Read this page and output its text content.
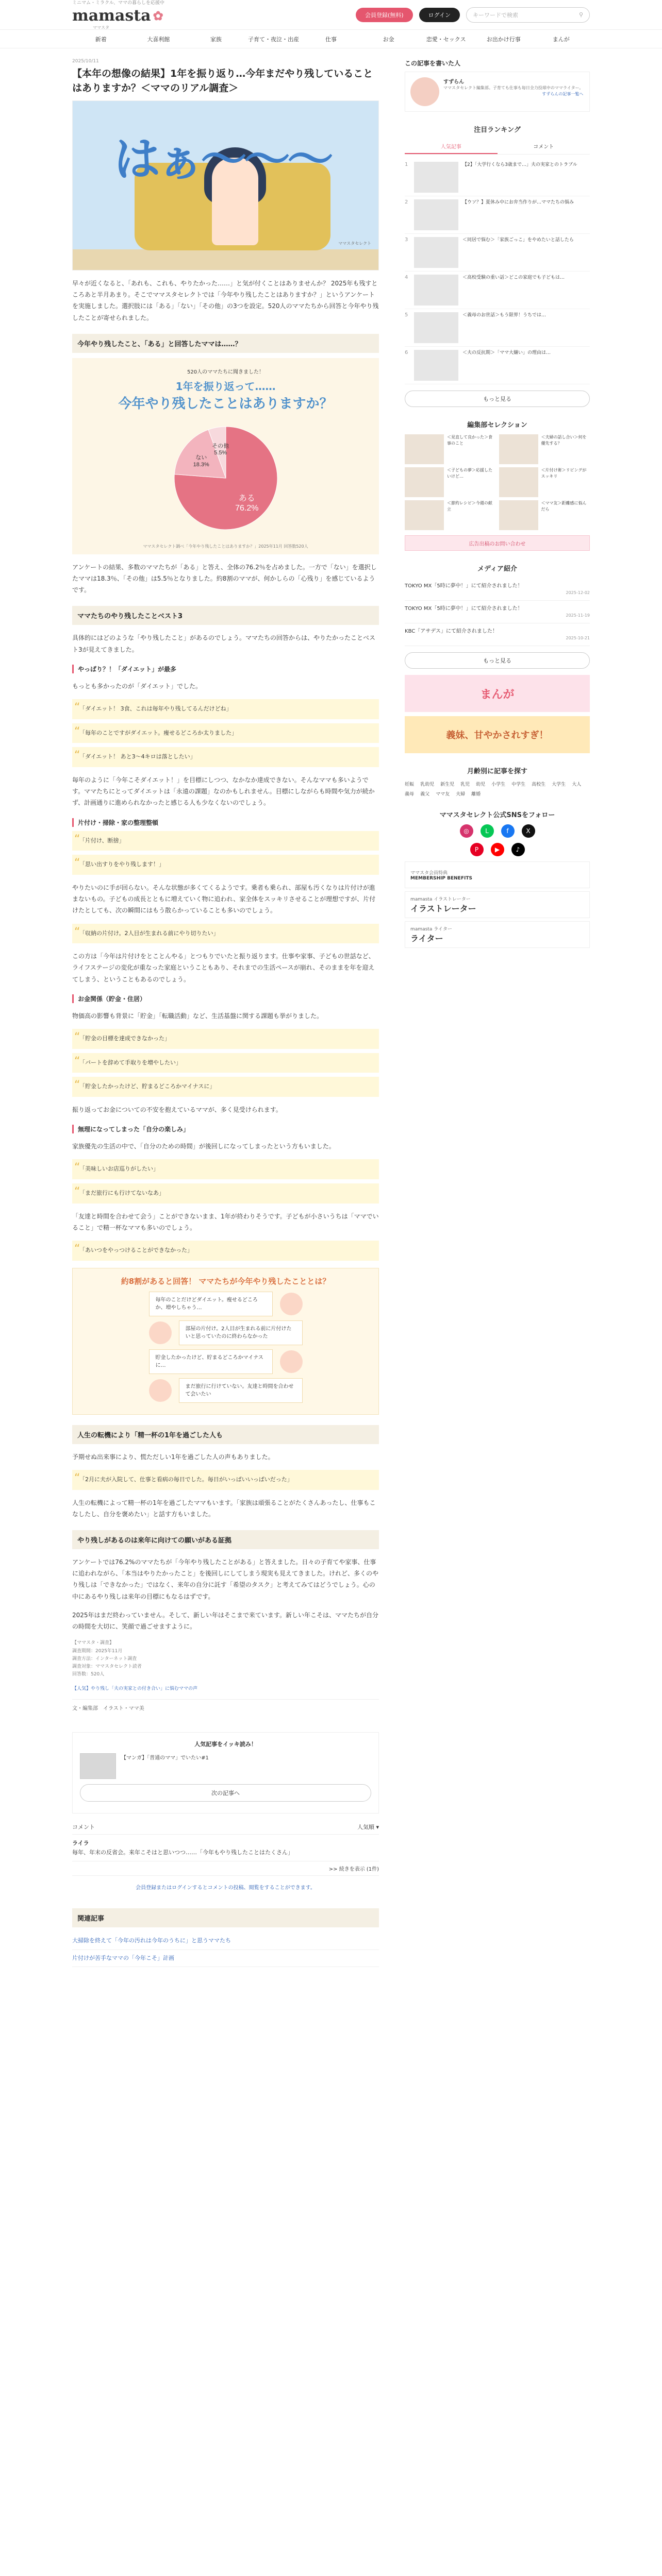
ミニマム・ミラクル、ママの暮らしを応援中
mamasta ✿
ママスタ
会員登録(無料)	ログイン	キーワードで検索	⚲
新着	大喜利館	家族	子育て・夜泣・出産	仕事	お金	恋愛・セックス	お出かけ行事	まんが
2025/10/11
【本年の想像の結果】1年を振り返り…今年まだやり残していることはありますか？＜ママのリアル調査＞
はぁ〜〜〜
ママスタセレクト

早々が近くなると、「あれも、これも、やりたかった……」と気が付くことはありませんか？ 2025年も残すところあと半月あまり。そこでママスタセレクトでは「今年やり残したことはありますか？」というアンケートを実施しました。選択肢には「ある」「ない」「その他」の3つを設定。520人のママたちから回答と今年やり残したことが寄せられました。

今年やり残したこと、「ある」と回答したママは……？
520人のママたちに聞きました！
1年を振り返って……
今年やり残したことはありますか？
ある 76.2%
ない 18.3%
その他 5.5%
ママスタセレクト調べ「今年やり残したことはありますか？」2025年11月 回答数520人

アンケートの結果、多数のママたちが「ある」と答え、全体の76.2％を占めました。一方で「ない」を選択したママは18.3％、「その他」は5.5％となりました。約8割のママが、何かしらの「心残り」を感じているようです。

ママたちのやり残したことベスト3

具体的にはどのような「やり残したこと」があるのでしょう。ママたちの回答からは、やりたかったことベスト3が見えてきました。

やっぱり？！「ダイエット」が最多

もっとも多かったのが「ダイエット」でした。

“ 「ダイエット！ 3食、これは毎年やり残してるんだけどね」
“ 「毎年のことですがダイエット。痩せるどころか太りました」
“ 「ダイエット！ あと3〜4キロは落としたい」

毎年のように「今年こそダイエット！」を目標にしつつ、なかなか達成できない。そんなママも多いようです。ママたちにとってダイエットは「永遠の課題」なのかもしれません。目標にしながらも時間や気力が続かず、計画通りに進められなかったと感じる人も少なくないのでしょう。

片付け・掃除・家の整理整頓
“ 「片付け、断捨」
“ 「思い出すりをやり残します！」

やりたいのに手が回らない。そんな状態が多くてくるようです。乗者も乗られ、部屋も汚くなりは片付けが進まないもの。子どもの成長とともに増えていく物に追われ、家全体をスッキリさせることが理想ですが、片付けたとしても、次の瞬間にはもう散らかっていることも多いのでしょう。

“ 「収納の片付け。2人目が生まれる前にやり切りたい」

この方は「今年は片付けをとことんやる」とつもりでいたと振り返ります。仕事や家事、子どもの世話など、ライフステージの変化が重なった家庭ということもあり、それまでの生活ペースが崩れ、そのままを年を迎えてしまう、ということもあるのでしょう。

お金関係（貯金・住居）

物価高の影響も背景に「貯金」「転職活動」など、生活基盤に関する課題も挙がりました。

“ 「貯金の目標を達成できなかった」
“ 「パートを辞めて手取りを増やしたい」
“ 「貯金したかったけど、貯まるどころかマイナスに」

振り返ってお金についての不安を抱えているママが、多く見受けられます。

無理になってしまった「自分の楽しみ」

家族優先の生活の中で、「自分のための時間」が後回しになってしまったという方もいました。

“ 「美味しいお店巡りがしたい」
“ 「まだ旅行にも行けてないなあ」

「友達と時間を合わせて会う」ことができないまま、1年が終わりそうです。子どもが小さいうちは「ママでいること」で精一杯なママも多いのでしょう。

“ 「あいつをやっつけることができなかった」
約8割があると回答！ ママたちが今年やり残したこととは？
毎年のことだけどダイエット。痩せるどころか、増やしちゃう…
部屋の片付け。2人目が生まれる前に片付けたいと思っていたのに終わらなかった
貯金したかったけど、貯まるどころかマイナスに…
まだ旅行に行けていない。友達と時間を合わせて会いたい
人生の転機により「精一杯の1年を過ごした人も

予期せぬ出来事により、慌ただしい1年を過ごした人の声もありました。

“ 「2月に夫が入院して、仕事と看病の毎日でした。毎日がいっぱいいっぱいだった」

人生の転機によって精一杯の1年を過ごしたママもいます。「家族は頑張ることがたくさんあったし、仕事もこなしたし、自分を褒めたい」と話す方もいました。

やり残しがあるのは来年に向けての願いがある証拠

アンケートでは76.2%のママたちが「今年やり残したことがある」と答えました。日々の子育てや家事、仕事に追われながら、「本当はやりたかったこと」を後回しにしてしまう現実も見えてきました。けれど、多くのやり残しは「できなかった」ではなく、来年の自分に託す「希望のタスク」と考えてみてはどうでしょう。心の中にあるやり残しは来年の目標にもなるはずです。

2025年はまだ終わっていません。そして、新しい年はそこまで来ています。新しい年こそは、ママたちが自分の時間を大切に、笑顔で過ごせますように。

【ママスタ・調査】
調査期間：2025年11月
調査方法：インターネット調査
調査対象：ママスタセレクト読者
回答数：520人
【人気】やり残し「夫の実家との付き合い」に悩むママの声
文・編集部　イラスト・ママ美
人気記事をイッキ読み！
【マンガ】「普通のママ」でいたい#1
次の記事へ
コメント	人気順 ▾
ライラ
毎年、年末の反省会。来年こそはと思いつつ……「今年もやり残したことはたくさん」
>> 続きを表示 (1件)
会員登録またはログインするとコメントの投稿、閲覧をすることができます。
関連記事
大掃除を終えて「今年の汚れは今年のうちに」と思うママたち
片付けが苦手なママの「今年こそ」計画
この記事を書いた人
すずらん
ママスタセレクト編集部。子育ても仕事も毎日全力投球中のママライター。
すずらんの記事一覧へ
注目ランキング
人気記事	コメント
1	【2】「大学行くなら3歳まで…」夫の実家とのトラブル
2	【ウソ？】夏休み中にお弁当作りが…ママたちの悩み
3	＜同居で悩む＞「家族ごっこ」をやめたいと話したら
4	＜高校受験の重い話＞どこの家庭でも子どもは…
5	＜義母のお世話＞もう限界！うちでは…
6	＜夫の反抗期＞「ママ大嫌い」の理由は…
もっと見る
編集部セレクション
＜見直して良かった＞食事のこと
＜夫婦の話し合い＞何を優先する？
＜子どもの夢＞応援したいけど…
＜片付け術＞リビングがスッキリ
＜節約レシピ＞今週の献立
＜ママ友＞距離感に悩んだら
広告出稿のお問い合わせ
メディア紹介
TOKYO MX「5時に夢中！」にて紹介されました！
2025-12-02
TOKYO MX「5時に夢中！」にて紹介されました！
2025-11-19
KBC「アサデス」にて紹介されました！
2025-10-21
もっと見る
まんが
義妹、甘やかされすぎ！
月齢別に記事を探す
妊娠 乳幼児 新生児 乳児 幼児 小学生 中学生 高校生 大学生 大人
義母 義父 ママ友 夫婦 離婚
ママスタセレクト公式SNSをフォロー
◎	L	f	X
P	▶	♪
ママスタ会員特典
MEMBERSHIP BENEFITS
mamasta イラストレーター
イラストレーター
mamasta ライター
ライター
